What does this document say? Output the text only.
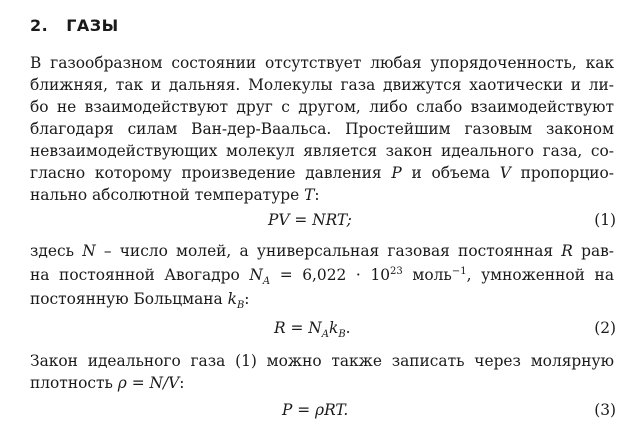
2. ГАЗЫ
В газообразном состоянии отсутствует любая упорядоченность, как
ближняя, так и дальняя. Молекулы газа движутся хаотически и ли-
бо не взаимодействуют друг с другом, либо слабо взаимодействуют
благодаря силам Ван-дер-Ваальса. Простейшим газовым законом
невзаимодействующих молекул является закон идеального газа, со-
гласно которому произведение давления P и объема V пропорцио-
нально абсолютной температуре T:
PV = NRT;	(1)
здесь N – число молей, а универсальная газовая постоянная R рав-
на постоянной Авогадро $N_A = 6,022 \cdot 10^{23}$ моль$^{-1}$, умноженной на
постоянную Больцмана $k_B$:
$R = N_Ak_B$.	(2)
Закон идеального газа (1) можно также записать через молярную
плотность ρ = N/V:
P = ρRT.	(3)
